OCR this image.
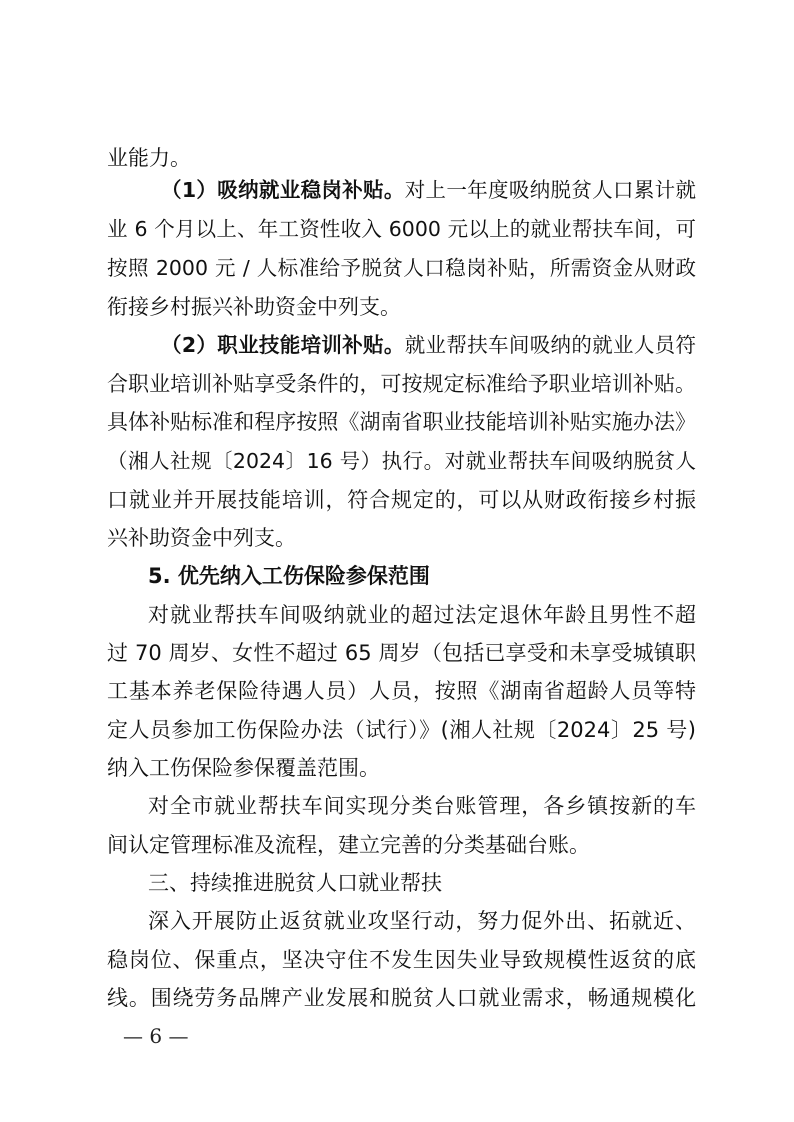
业能力。
（1）吸纳就业稳岗补贴。对上一年度吸纳脱贫人口累计就
业 6 个月以上、年工资性收入 6000 元以上的就业帮扶车间，可
按照 2000 元 / 人标准给予脱贫人口稳岗补贴，所需资金从财政
衔接乡村振兴补助资金中列支。
（2）职业技能培训补贴。就业帮扶车间吸纳的就业人员符
合职业培训补贴享受条件的，可按规定标准给予职业培训补贴。
具体补贴标准和程序按照《湖南省职业技能培训补贴实施办法》
（湘人社规〔2024〕16 号）执行。对就业帮扶车间吸纳脱贫人
口就业并开展技能培训，符合规定的，可以从财政衔接乡村振
兴补助资金中列支。
5. 优先纳入工伤保险参保范围
对就业帮扶车间吸纳就业的超过法定退休年龄且男性不超
过 70 周岁、女性不超过 65 周岁（包括已享受和未享受城镇职
工基本养老保险待遇人员）人员，按照《湖南省超龄人员等特
定人员参加工伤保险办法（试行）》(湘人社规〔2024〕25 号)
纳入工伤保险参保覆盖范围。
对全市就业帮扶车间实现分类台账管理，各乡镇按新的车
间认定管理标准及流程，建立完善的分类基础台账。
三、持续推进脱贫人口就业帮扶
深入开展防止返贫就业攻坚行动，努力促外出、拓就近、
稳岗位、保重点，坚决守住不发生因失业导致规模性返贫的底
线。围绕劳务品牌产业发展和脱贫人口就业需求，畅通规模化
— 6 —
